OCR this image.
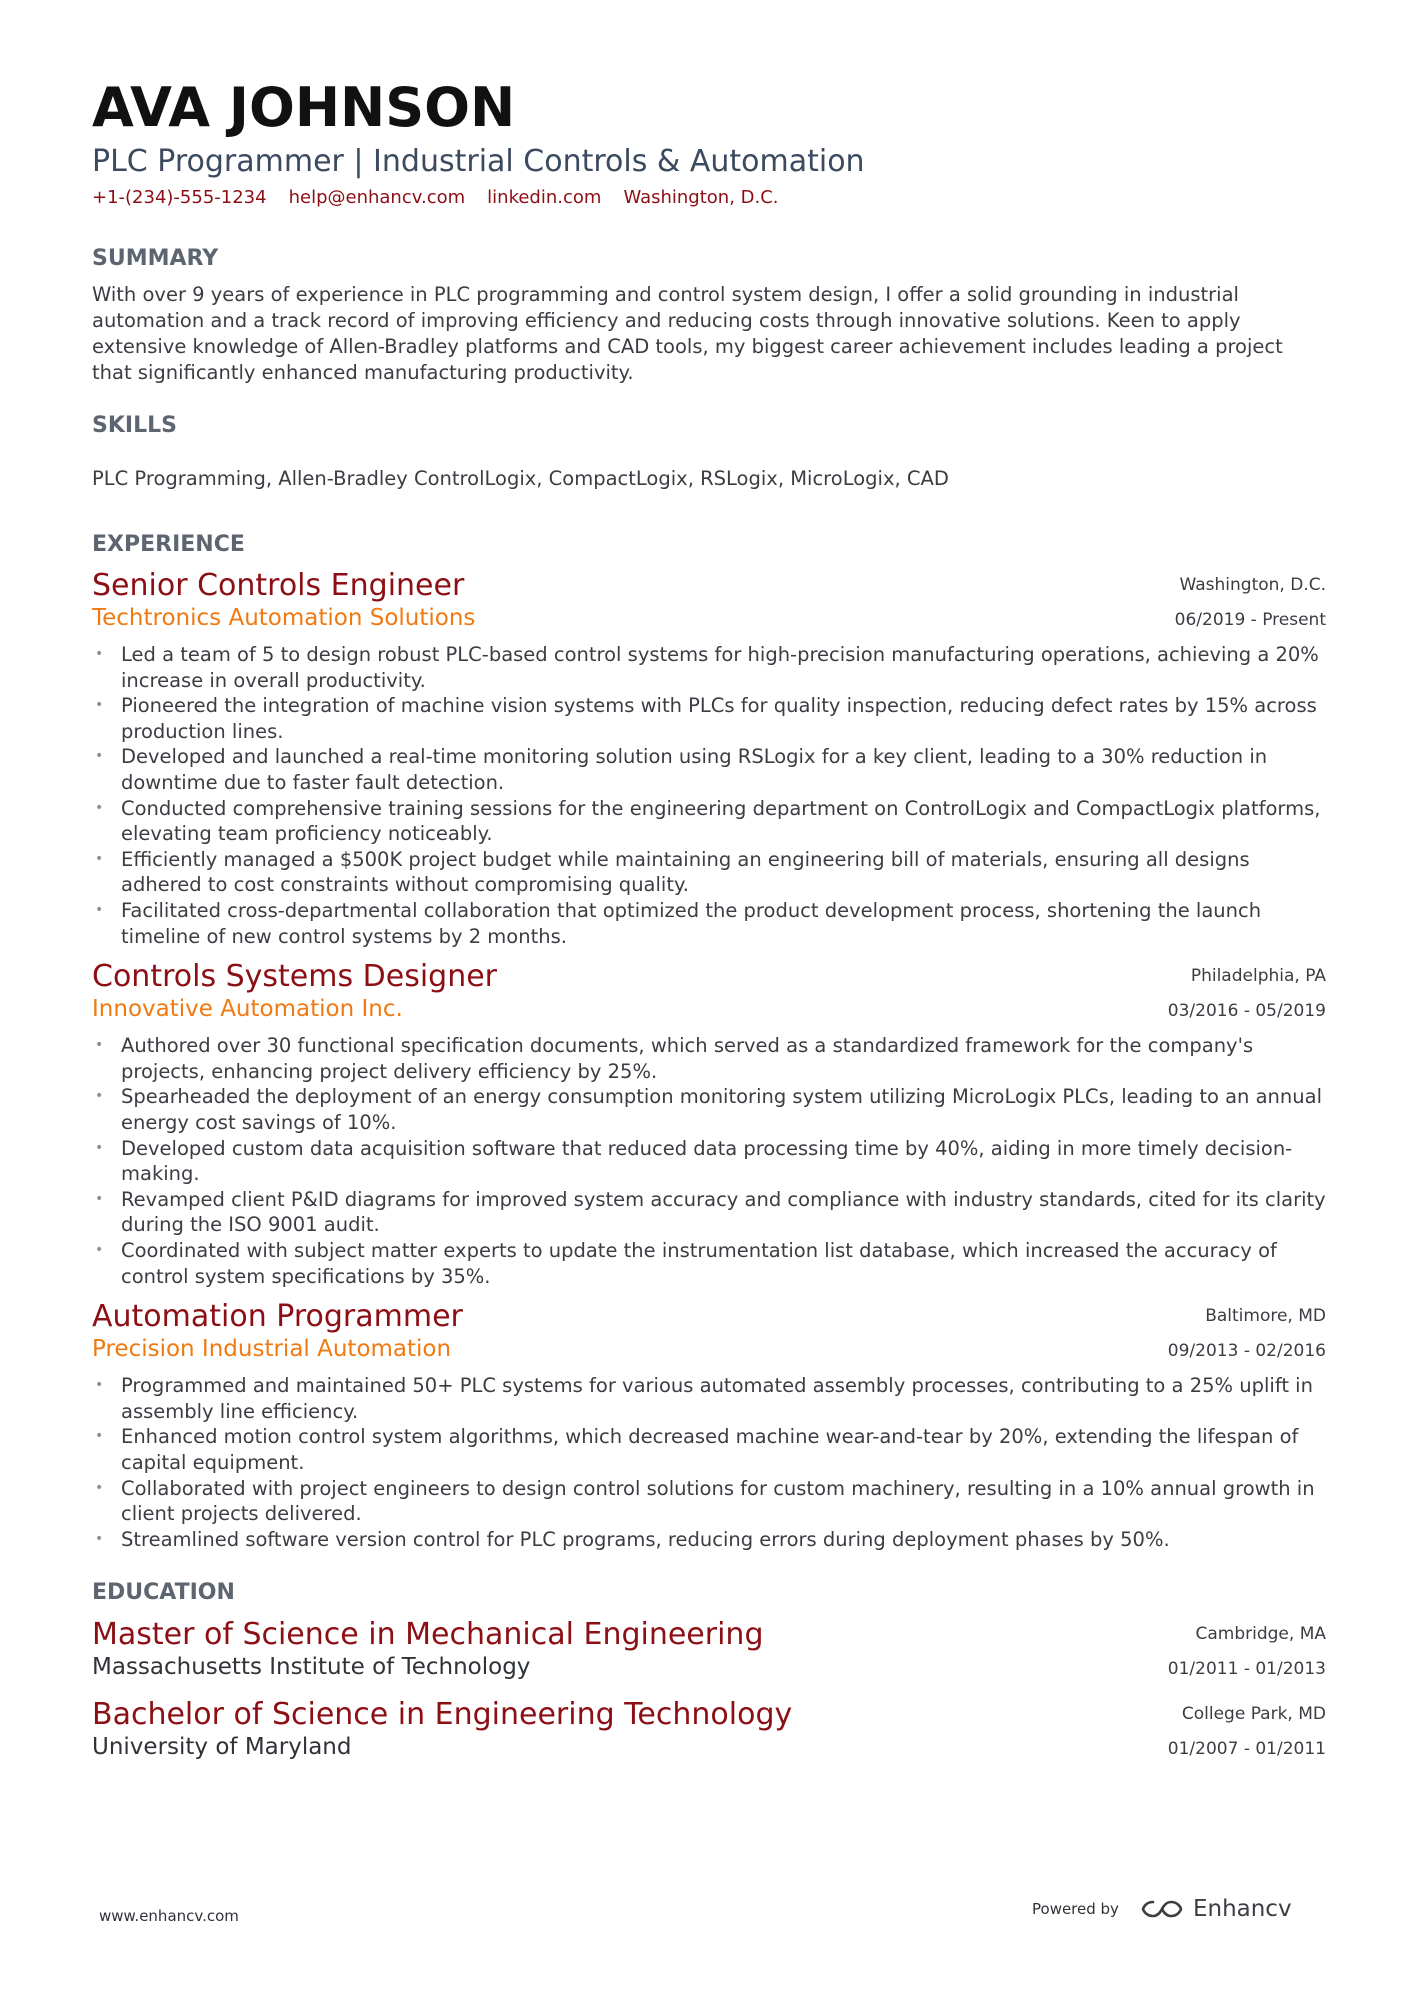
AVA JOHNSON
PLC Programmer | Industrial Controls & Automation
+1-(234)-555-1234 help@enhancv.com linkedin.com Washington, D.C.
SUMMARY
With over 9 years of experience in PLC programming and control system design, I offer a solid grounding in industrial automation and a track record of improving efficiency and reducing costs through innovative solutions. Keen to apply extensive knowledge of Allen-Bradley platforms and CAD tools, my biggest career achievement includes leading a project that significantly enhanced manufacturing productivity.
SKILLS
PLC Programming, Allen-Bradley ControlLogix, CompactLogix, RSLogix, MicroLogix, CAD
EXPERIENCE
Senior Controls Engineer
Techtronics Automation Solutions
Washington, D.C.
06/2019 - Present
• Led a team of 5 to design robust PLC-based control systems for high-precision manufacturing operations, achieving a 20% increase in overall productivity.
• Pioneered the integration of machine vision systems with PLCs for quality inspection, reducing defect rates by 15% across production lines.
• Developed and launched a real-time monitoring solution using RSLogix for a key client, leading to a 30% reduction in downtime due to faster fault detection.
• Conducted comprehensive training sessions for the engineering department on ControlLogix and CompactLogix platforms, elevating team proficiency noticeably.
• Efficiently managed a $500K project budget while maintaining an engineering bill of materials, ensuring all designs adhered to cost constraints without compromising quality.
• Facilitated cross-departmental collaboration that optimized the product development process, shortening the launch timeline of new control systems by 2 months.
Controls Systems Designer
Innovative Automation Inc.
Philadelphia, PA
03/2016 - 05/2019
• Authored over 30 functional specification documents, which served as a standardized framework for the company's projects, enhancing project delivery efficiency by 25%.
• Spearheaded the deployment of an energy consumption monitoring system utilizing MicroLogix PLCs, leading to an annual energy cost savings of 10%.
• Developed custom data acquisition software that reduced data processing time by 40%, aiding in more timely decision-making.
• Revamped client P&ID diagrams for improved system accuracy and compliance with industry standards, cited for its clarity during the ISO 9001 audit.
• Coordinated with subject matter experts to update the instrumentation list database, which increased the accuracy of control system specifications by 35%.
Automation Programmer
Precision Industrial Automation
Baltimore, MD
09/2013 - 02/2016
• Programmed and maintained 50+ PLC systems for various automated assembly processes, contributing to a 25% uplift in assembly line efficiency.
• Enhanced motion control system algorithms, which decreased machine wear-and-tear by 20%, extending the lifespan of capital equipment.
• Collaborated with project engineers to design control solutions for custom machinery, resulting in a 10% annual growth in client projects delivered.
• Streamlined software version control for PLC programs, reducing errors during deployment phases by 50%.
EDUCATION
Master of Science in Mechanical Engineering
Massachusetts Institute of Technology
Cambridge, MA
01/2011 - 01/2013
Bachelor of Science in Engineering Technology
University of Maryland
College Park, MD
01/2007 - 01/2011
www.enhancv.com	Powered by	Enhancv
